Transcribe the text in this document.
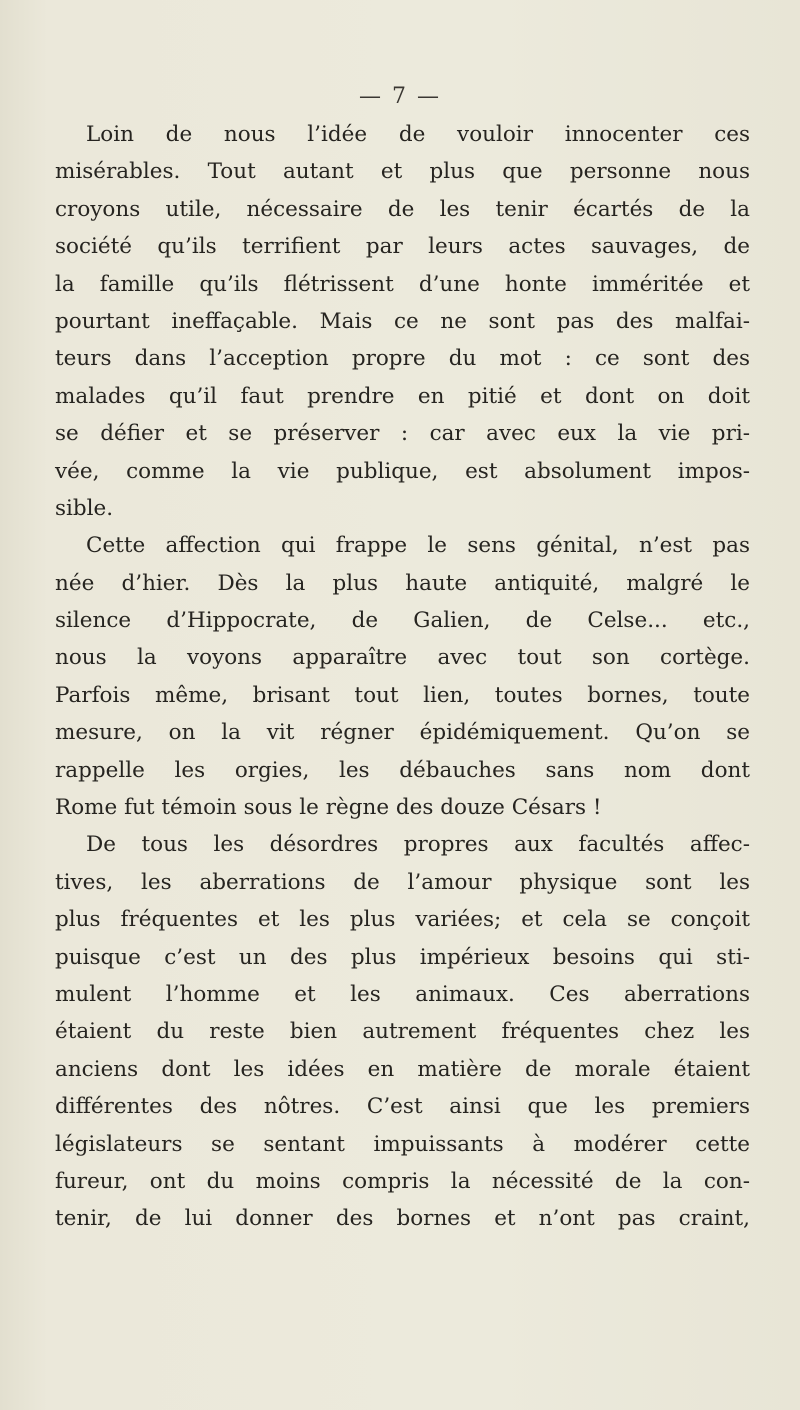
— 7 —
Loin de nous l’idée de vouloir innocenter ces
misérables. Tout autant et plus que personne nous
croyons utile, nécessaire de les tenir écartés de la
société qu’ils terrifient par leurs actes sauvages, de
la famille qu’ils flétrissent d’une honte imméritée et
pourtant ineffaçable. Mais ce ne sont pas des malfai-
teurs dans l’acception propre du mot : ce sont des
malades qu’il faut prendre en pitié et dont on doit
se défier et se préserver : car avec eux la vie pri-
vée, comme la vie publique, est absolument impos-
sible.
Cette affection qui frappe le sens génital, n’est pas
née d’hier. Dès la plus haute antiquité, malgré le
silence d’Hippocrate, de Galien, de Celse... etc.,
nous la voyons apparaître avec tout son cortège.
Parfois même, brisant tout lien, toutes bornes, toute
mesure, on la vit régner épidémiquement. Qu’on se
rappelle les orgies, les débauches sans nom dont
Rome fut témoin sous le règne des douze Césars !
De tous les désordres propres aux facultés affec-
tives, les aberrations de l’amour physique sont les
plus fréquentes et les plus variées; et cela se conçoit
puisque c’est un des plus impérieux besoins qui sti-
mulent l’homme et les animaux. Ces aberrations
étaient du reste bien autrement fréquentes chez les
anciens dont les idées en matière de morale étaient
différentes des nôtres. C’est ainsi que les premiers
législateurs se sentant impuissants à modérer cette
fureur, ont du moins compris la nécessité de la con-
tenir, de lui donner des bornes et n’ont pas craint,
